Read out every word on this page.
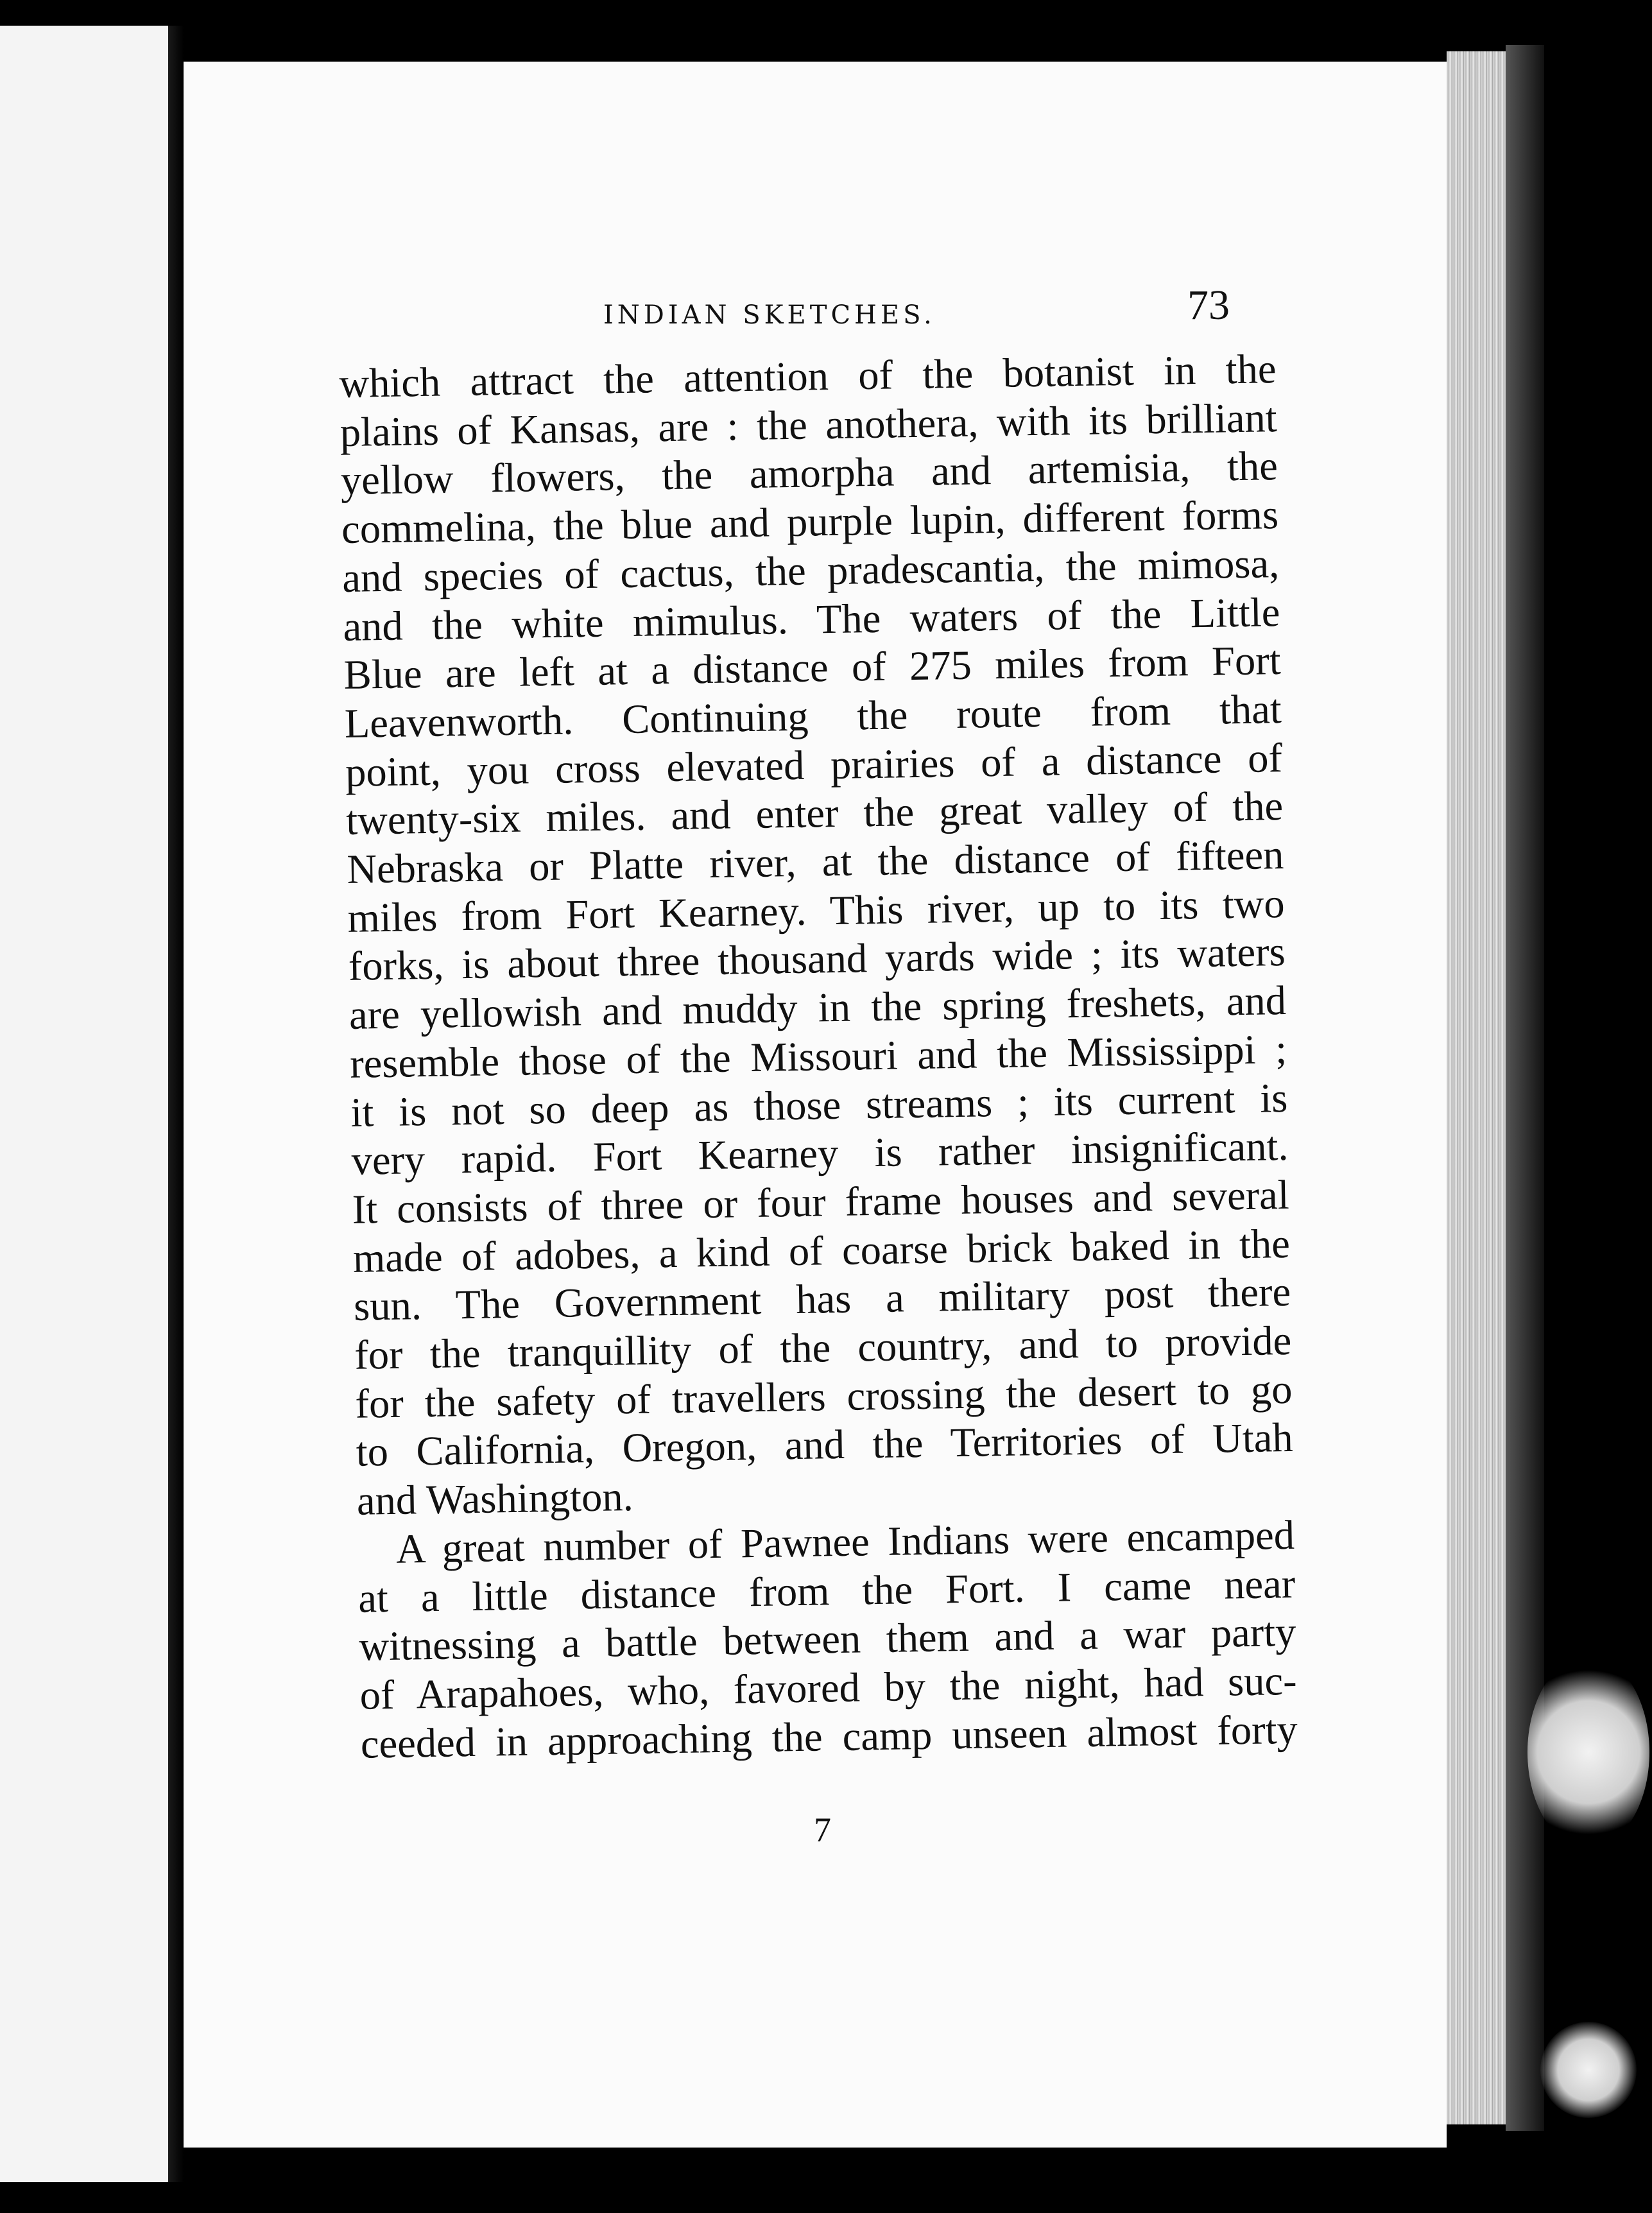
INDIAN SKETCHES.	73
which attract the attention of the botanist in the
plains of Kansas, are : the anothera, with its brilliant
yellow flowers, the amorpha and artemisia, the
commelina, the blue and purple lupin, different forms
and species of cactus, the pradescantia, the mimosa,
and the white mimulus. The waters of the Little
Blue are left at a distance of 275 miles from Fort
Leavenworth. Continuing the route from that
point, you cross elevated prairies of a distance of
twenty-six miles. and enter the great valley of the
Nebraska or Platte river, at the distance of fifteen
miles from Fort Kearney. This river, up to its two
forks, is about three thousand yards wide ; its waters
are yellowish and muddy in the spring freshets, and
resemble those of the Missouri and the Mississippi ;
it is not so deep as those streams ; its current is
very rapid. Fort Kearney is rather insignificant.
It consists of three or four frame houses and several
made of adobes, a kind of coarse brick baked in the
sun. The Government has a military post there
for the tranquillity of the country, and to provide
for the safety of travellers crossing the desert to go
to California, Oregon, and the Territories of Utah
and Washington.
A great number of Pawnee Indians were encamped
at a little distance from the Fort. I came near
witnessing a battle between them and a war party
of Arapahoes, who, favored by the night, had suc-
ceeded in approaching the camp unseen almost forty
7
